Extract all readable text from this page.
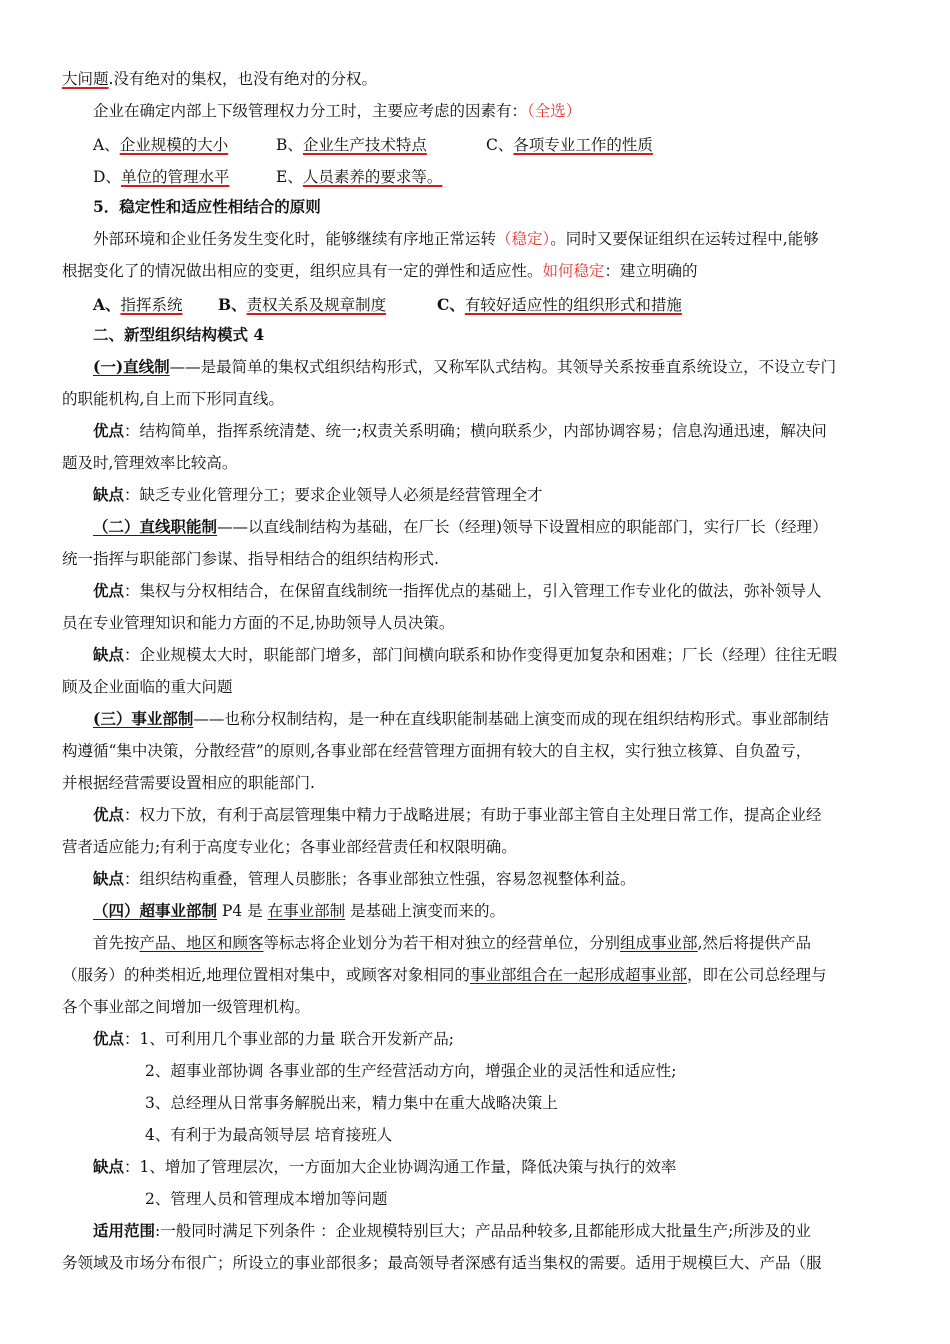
大问题.没有绝对的集权，也没有绝对的分权。
企业在确定内部上下级管理权力分工时，主要应考虑的因素有：（全选）
A、企业规模的大小	B、企业生产技术特点	C、各项专业工作的性质
D、单位的管理水平	E、人员素养的要求等。
5．稳定性和适应性相结合的原则
外部环境和企业任务发生变化时，能够继续有序地正常运转（稳定）。同时又要保证组织在运转过程中,能够
根据变化了的情况做出相应的变更，组织应具有一定的弹性和适应性。如何稳定：建立明确的
A、指挥系统 B、责权关系及规章制度	C、有较好适应性的组织形式和措施
二、新型组织结构模式 4
(一)直线制——是最简单的集权式组织结构形式，又称军队式结构。其领导关系按垂直系统设立，不设立专门
的职能机构,自上而下形同直线。
优点：结构简单，指挥系统清楚、统一;权责关系明确；横向联系少，内部协调容易；信息沟通迅速，解决问
题及时,管理效率比较高。
缺点：缺乏专业化管理分工；要求企业领导人必须是经营管理全才
（二）直线职能制——以直线制结构为基础，在厂长（经理)领导下设置相应的职能部门，实行厂长（经理）
统一指挥与职能部门参谋、指导相结合的组织结构形式.
优点：集权与分权相结合，在保留直线制统一指挥优点的基础上，引入管理工作专业化的做法，弥补领导人
员在专业管理知识和能力方面的不足,协助领导人员决策。
缺点：企业规模太大时，职能部门增多，部门间横向联系和协作变得更加复杂和困难；厂长（经理）往往无暇
顾及企业面临的重大问题
(三）事业部制——也称分权制结构，是一种在直线职能制基础上演变而成的现在组织结构形式。事业部制结
构遵循“集中决策，分散经营”的原则,各事业部在经营管理方面拥有较大的自主权，实行独立核算、自负盈亏，
并根据经营需要设置相应的职能部门.
优点：权力下放，有利于高层管理集中精力于战略进展；有助于事业部主管自主处理日常工作，提高企业经
营者适应能力;有利于高度专业化；各事业部经营责任和权限明确。
缺点：组织结构重叠，管理人员膨胀；各事业部独立性强，容易忽视整体利益。
（四）超事业部制 P4 是 在事业部制 是基础上演变而来的。
首先按产品、地区和顾客等标志将企业划分为若干相对独立的经营单位，分别组成事业部,然后将提供产品
（服务）的种类相近,地理位置相对集中，或顾客对象相同的事业部组合在一起形成超事业部，即在公司总经理与
各个事业部之间增加一级管理机构。
优点：1、可利用几个事业部的力量 联合开发新产品;
2、超事业部协调 各事业部的生产经营活动方向，增强企业的灵活性和适应性;
3、总经理从日常事务解脱出来，精力集中在重大战略决策上
4、有利于为最高领导层 培育接班人
缺点：1、增加了管理层次，一方面加大企业协调沟通工作量，降低决策与执行的效率
2、管理人员和管理成本增加等问题
适用范围:一般同时满足下列条件 ：企业规模特别巨大；产品品种较多,且都能形成大批量生产;所涉及的业
务领域及市场分布很广；所设立的事业部很多；最高领导者深感有适当集权的需要。适用于规模巨大、产品（服
